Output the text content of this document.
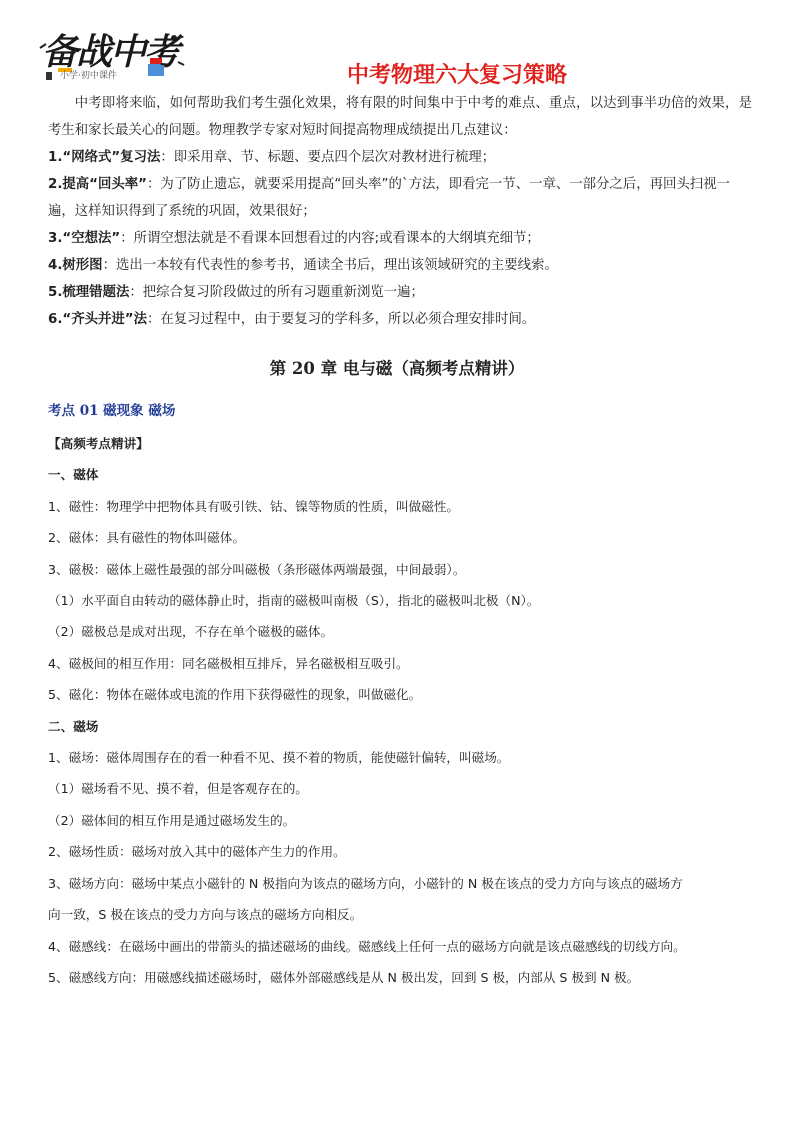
备战中考
小学·初中课件	中考物理六大复习策略

中考即将来临，如何帮助我们考生强化效果，将有限的时间集中于中考的难点、重点，以达到事半功倍的效果，是考生和家长最关心的问题。物理教学专家对短时间提高物理成绩提出几点建议：

1.“网络式”复习法：即采用章、节、标题、要点四个层次对教材进行梳理；

2.提高“回头率”：为了防止遗忘，就要采用提高“回头率”的`方法，即看完一节、一章、一部分之后，再回头扫视一遍，这样知识得到了系统的巩固，效果很好；

3.“空想法”：所谓空想法就是不看课本回想看过的内容;或看课本的大纲填充细节；

4.树形图：选出一本较有代表性的参考书，通读全书后，理出该领域研究的主要线索。

5.梳理错题法：把综合复习阶段做过的所有习题重新浏览一遍；

6.“齐头并进”法：在复习过程中，由于要复习的学科多，所以必须合理安排时间。

第 20 章 电与磁（高频考点精讲）
考点 01 磁现象 磁场

【高频考点精讲】

一、磁体

1、磁性：物理学中把物体具有吸引铁、钴、镍等物质的性质，叫做磁性。

2、磁体：具有磁性的物体叫磁体。

3、磁极：磁体上磁性最强的部分叫磁极（条形磁体两端最强，中间最弱）。

（1）水平面自由转动的磁体静止时，指南的磁极叫南极（S），指北的磁极叫北极（N）。

（2）磁极总是成对出现，不存在单个磁极的磁体。

4、磁极间的相互作用：同名磁极相互排斥，异名磁极相互吸引。

5、磁化：物体在磁体或电流的作用下获得磁性的现象，叫做磁化。

二、磁场

1、磁场：磁体周围存在的看一种看不见、摸不着的物质，能使磁针偏转，叫磁场。

（1）磁场看不见、摸不着，但是客观存在的。

（2）磁体间的相互作用是通过磁场发生的。

2、磁场性质：磁场对放入其中的磁体产生力的作用。

3、磁场方向：磁场中某点小磁针的 N 极指向为该点的磁场方向，小磁针的 N 极在该点的受力方向与该点的磁场方

向一致，S 极在该点的受力方向与该点的磁场方向相反。

4、磁感线：在磁场中画出的带箭头的描述磁场的曲线。磁感线上任何一点的磁场方向就是该点磁感线的切线方向。

5、磁感线方向：用磁感线描述磁场时，磁体外部磁感线是从 N 极出发，回到 S 极，内部从 S 极到 N 极。
